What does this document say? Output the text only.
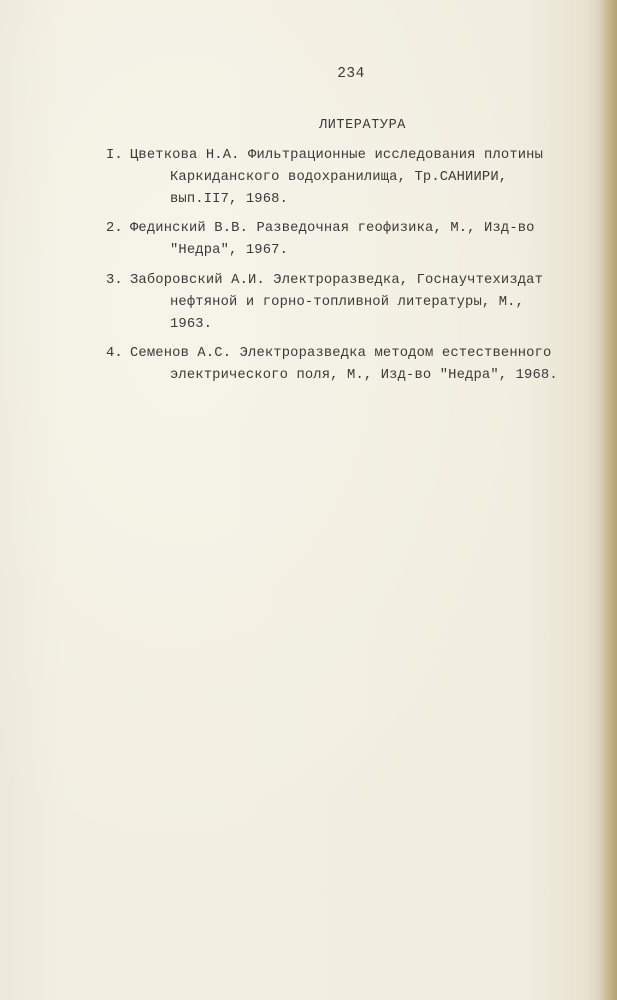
234
ЛИТЕРАТУРА
I. Цветкова Н.А. Фильтрационные исследования плотины
Каркиданского водохранилища, Тр.САНИИРИ,
вып.II7, 1968.
2. Фединский В.В. Разведочная геофизика, М., Изд-во
"Недра", 1967.
3. Заборовский А.И. Электроразведка, Госнаучтехиздат
нефтяной и горно-топливной литературы, М.,
1963.
4. Семенов А.С. Электроразведка методом естественного
электрического поля, М., Изд-во "Недра", 1968.
